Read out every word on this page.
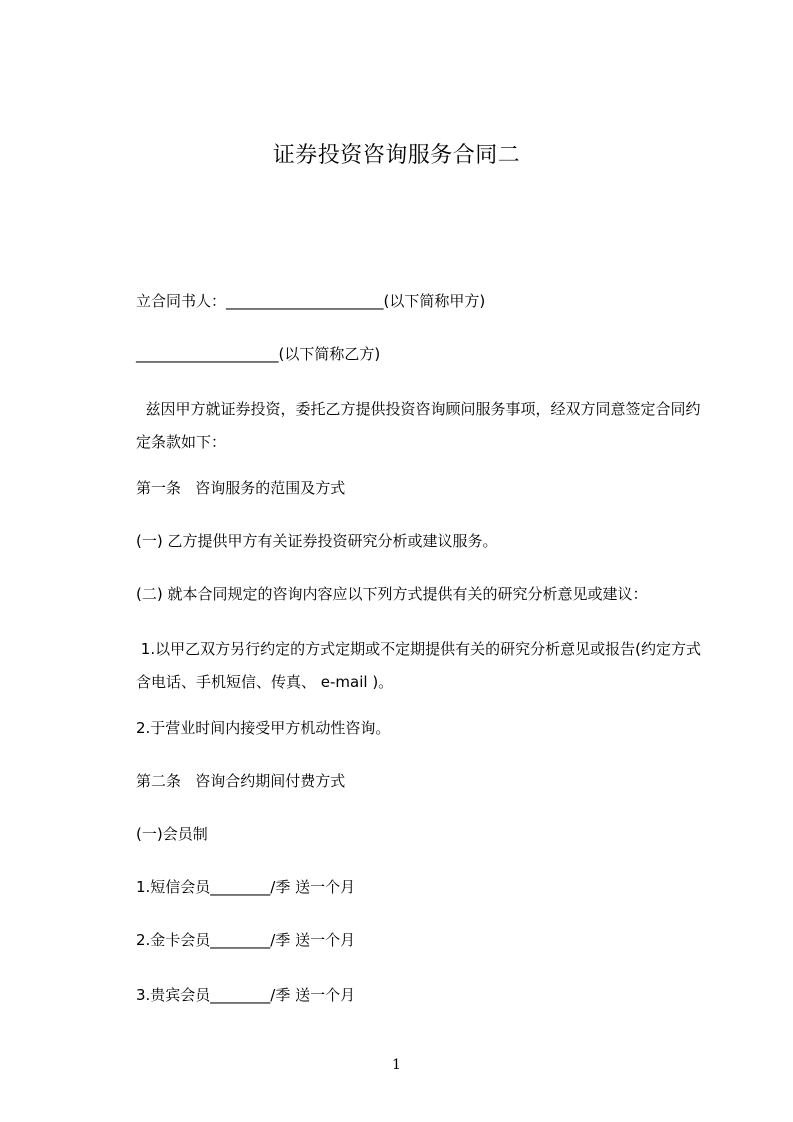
证券投资咨询服务合同二
立合同书人：_____________________(以下简称甲方)
___________________(以下简称乙方)
兹因甲方就证券投资，委托乙方提供投资咨询顾问服务事项，经双方同意签定合同约定条款如下：
第一条   咨询服务的范围及方式
(一) 乙方提供甲方有关证券投资研究分析或建议服务。
(二) 就本合同规定的咨询内容应以下列方式提供有关的研究分析意见或建议：
1.以甲乙双方另行约定的方式定期或不定期提供有关的研究分析意见或报告(约定方式含电话、手机短信、传真、 e-mail )。
2.于营业时间内接受甲方机动性咨询。
第二条   咨询合约期间付费方式
(一)会员制
1.短信会员________/季 送一个月
2.金卡会员________/季 送一个月
3.贵宾会员________/季 送一个月
1
